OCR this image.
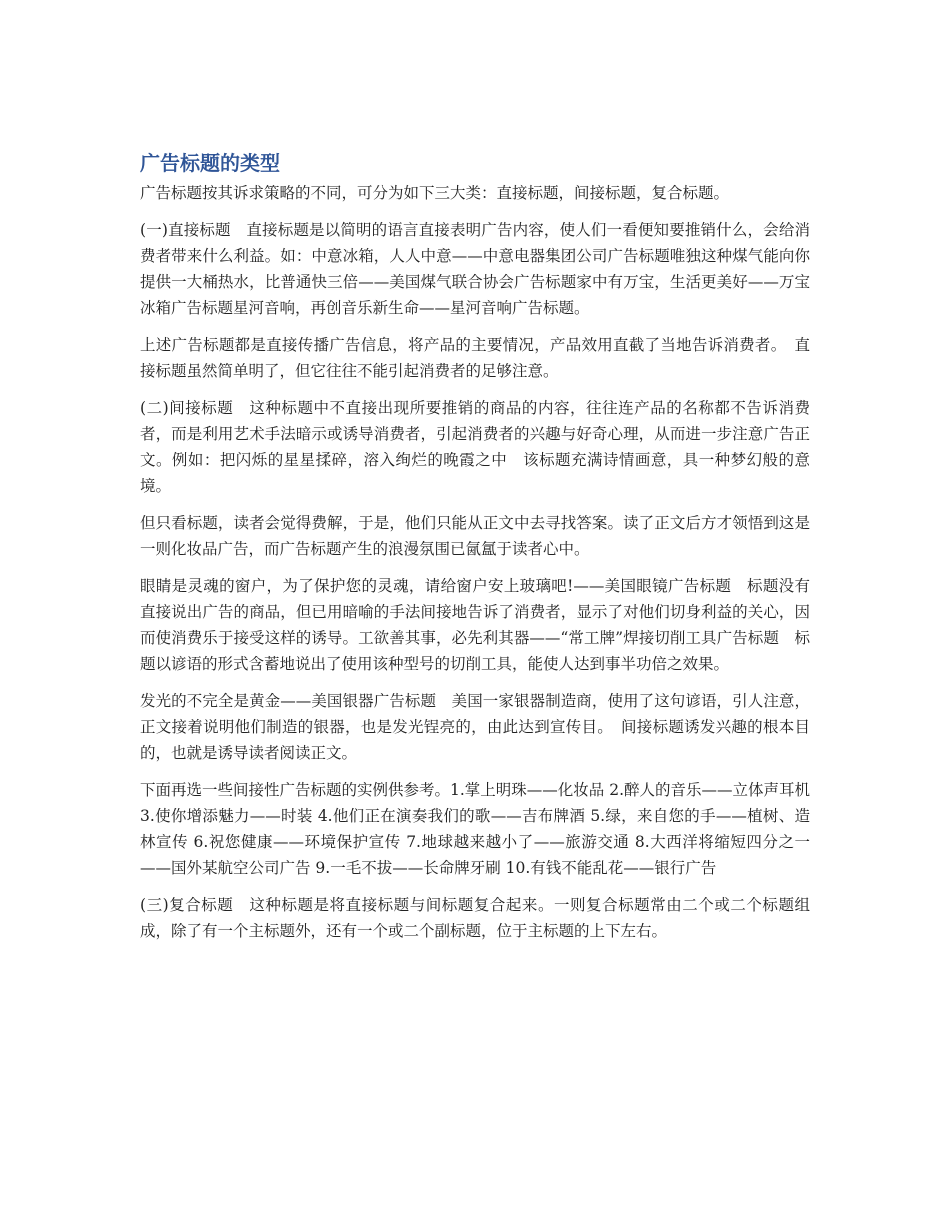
广告标题的类型

广告标题按其诉求策略的不同，可分为如下三大类：直接标题，间接标题，复合标题。

(一)直接标题　直接标题是以简明的语言直接表明广告内容，使人们一看便知要推销什么，会给消费者带来什么利益。如：中意冰箱，人人中意——中意电器集团公司广告标题唯独这种煤气能向你提供一大桶热水，比普通快三倍——美国煤气联合协会广告标题家中有万宝，生活更美好——万宝冰箱广告标题星河音响，再创音乐新生命——星河音响广告标题。

上述广告标题都是直接传播广告信息，将产品的主要情况，产品效用直截了当地告诉消费者。　直接标题虽然简单明了，但它往往不能引起消费者的足够注意。

(二)间接标题　这种标题中不直接出现所要推销的商品的内容，往往连产品的名称都不告诉消费者，而是利用艺术手法暗示或诱导消费者，引起消费者的兴趣与好奇心理，从而进一步注意广告正文。例如：把闪烁的星星揉碎，溶入绚烂的晚霞之中　该标题充满诗情画意，具一种梦幻般的意境。

但只看标题，读者会觉得费解，于是，他们只能从正文中去寻找答案。读了正文后方才领悟到这是一则化妆品广告，而广告标题产生的浪漫氛围已氤氲于读者心中。

眼睛是灵魂的窗户，为了保护您的灵魂，请给窗户安上玻璃吧!——美国眼镜广告标题　标题没有直接说出广告的商品，但已用暗喻的手法间接地告诉了消费者，显示了对他们切身利益的关心，因而使消费乐于接受这样的诱导。工欲善其事，必先利其器——“常工牌”焊接切削工具广告标题　标题以谚语的形式含蓄地说出了使用该种型号的切削工具，能使人达到事半功倍之效果。

发光的不完全是黄金——美国银器广告标题　美国一家银器制造商，使用了这句谚语，引人注意，正文接着说明他们制造的银器，也是发光锃亮的，由此达到宣传目。　间接标题诱发兴趣的根本目的，也就是诱导读者阅读正文。

下面再选一些间接性广告标题的实例供参考。1.掌上明珠——化妆品 2.醉人的音乐——立体声耳机 3.使你增添魅力——时装 4.他们正在演奏我们的歌——吉布牌酒 5.绿，来自您的手——植树、造林宣传 6.祝您健康——环境保护宣传 7.地球越来越小了——旅游交通 8.大西洋将缩短四分之一——国外某航空公司广告 9.一毛不拔——长命牌牙刷 10.有钱不能乱花——银行广告

(三)复合标题　这种标题是将直接标题与间标题复合起来。一则复合标题常由二个或二个标题组成，除了有一个主标题外，还有一个或二个副标题，位于主标题的上下左右。
